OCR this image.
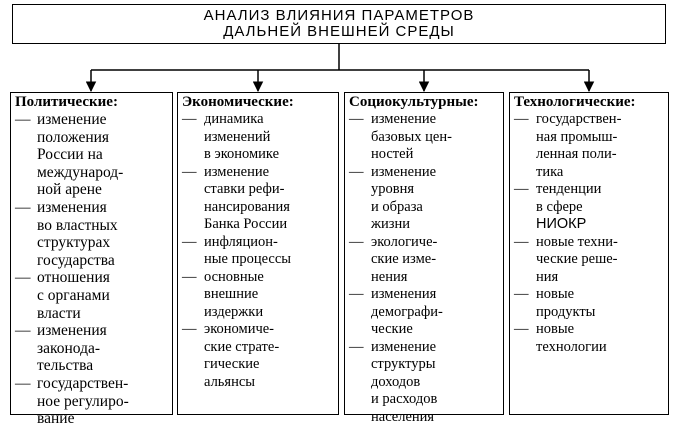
АНАЛИЗ ВЛИЯНИЯ ПАРАМЕТРОВ
ДАЛЬНЕЙ ВНЕШНЕЙ СРЕДЫ
Политические:
— изменение
положения
России на
международ-
ной арене
— изменения
во властных
структурах
государства
— отношения
с органами
власти
— изменения
законода-
тельства
— государствен-
ное регулиро-
вание
Экономические:
— динамика
изменений
в экономике
— изменение
ставки рефи-
нансирования
Банка России
— инфляцион-
ные процессы
— основные
внешние
издержки
— экономиче-
ские страте-
гические
альянсы
Социокультурные:
— изменение
базовых цен-
ностей
— изменение
уровня
и образа
жизни
— экологиче-
ские изме-
нения
— изменения
демографи-
ческие
— изменение
структуры
доходов
и расходов
населения
Технологические:
— государствен-
ная промыш-
ленная поли-
тика
— тенденции
в сфере
НИОКР
— новые техни-
ческие реше-
ния
— новые
продукты
— новые
технологии
